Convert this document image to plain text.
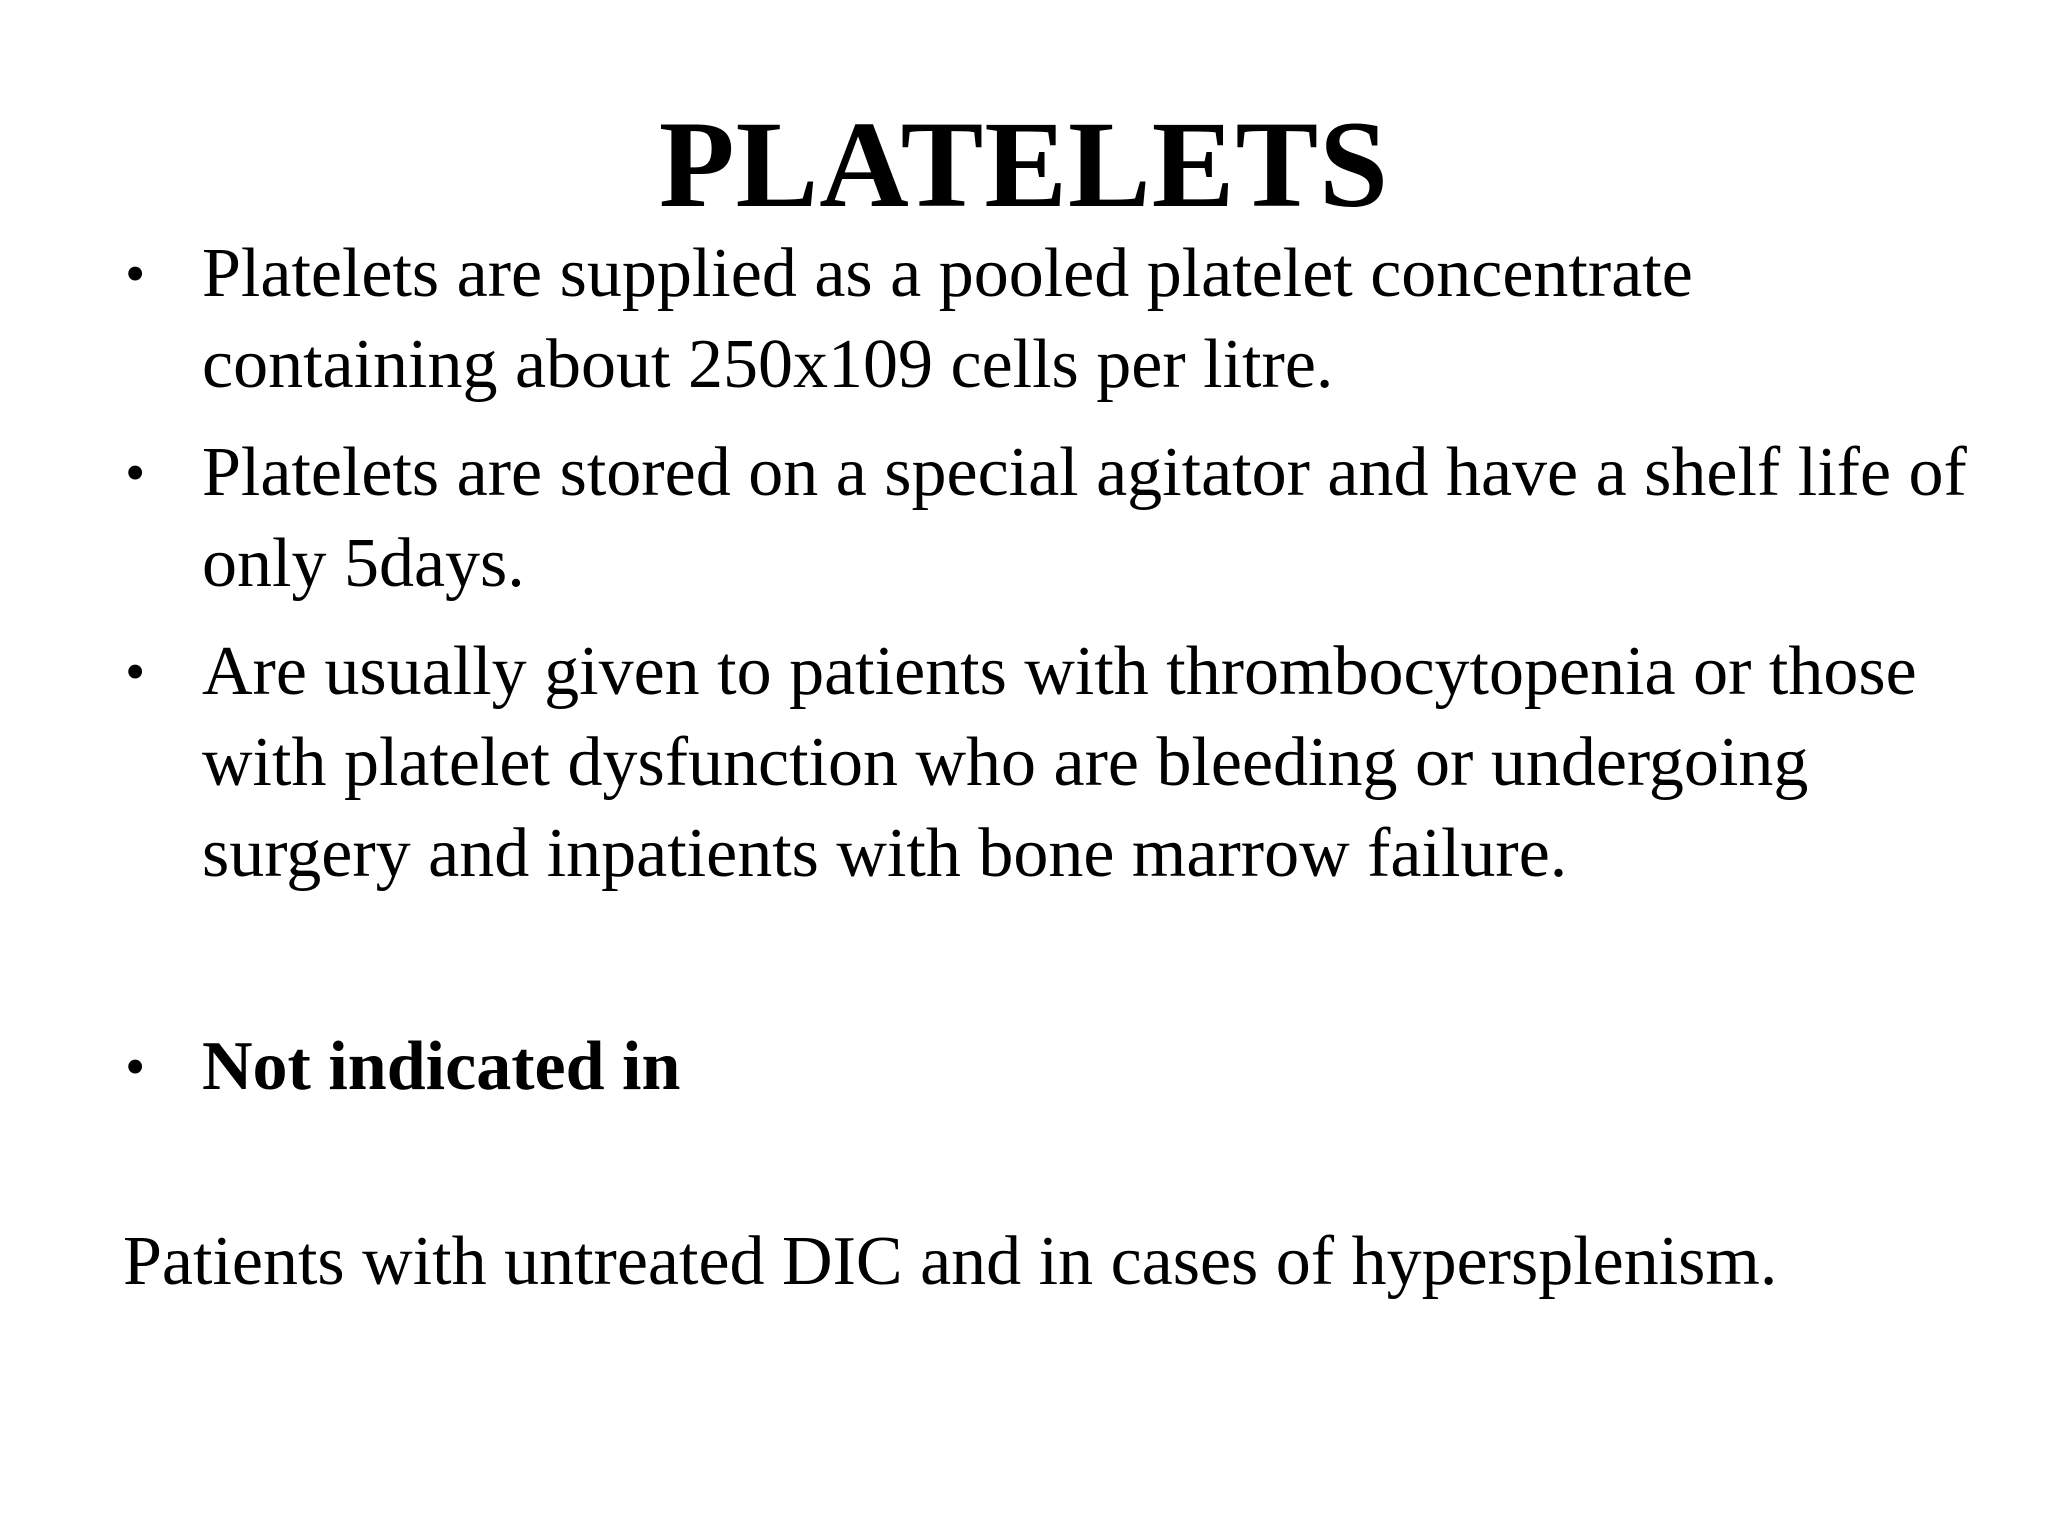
PLATELETS
• Platelets are supplied as a pooled platelet concentrate containing about 250x109 cells per litre.
• Platelets are stored on a special agitator and have a shelf life of only 5days.
• Are usually given to patients with thrombocytopenia or those with platelet dysfunction who are bleeding or undergoing surgery and inpatients with bone marrow failure.
• Not indicated in

Patients with untreated DIC and in cases of hypersplenism.
